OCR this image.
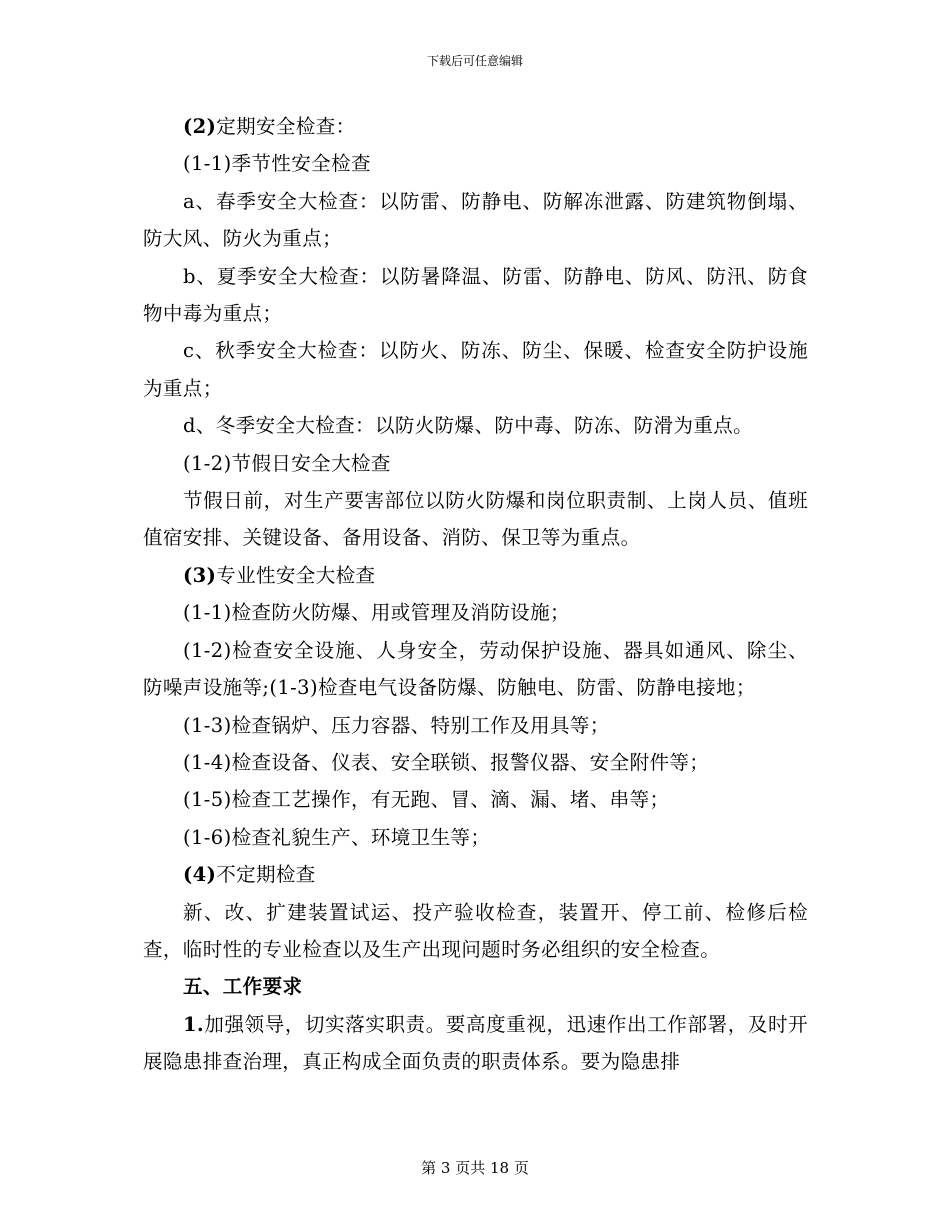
下载后可任意编辑

(2)定期安全检查：

(1-1)季节性安全检查

a、春季安全大检查：以防雷、防静电、防解冻泄露、防建筑物倒塌、防大风、防火为重点；

b、夏季安全大检查：以防暑降温、防雷、防静电、防风、防汛、防食物中毒为重点；

c、秋季安全大检查：以防火、防冻、防尘、保暖、检查安全防护设施为重点；

d、冬季安全大检查：以防火防爆、防中毒、防冻、防滑为重点。

(1-2)节假日安全大检查

节假日前，对生产要害部位以防火防爆和岗位职责制、上岗人员、值班值宿安排、关键设备、备用设备、消防、保卫等为重点。

(3)专业性安全大检查

(1-1)检查防火防爆、用或管理及消防设施；

(1-2)检查安全设施、人身安全，劳动保护设施、器具如通风、除尘、防噪声设施等;(1-3)检查电气设备防爆、防触电、防雷、防静电接地；

(1-3)检查锅炉、压力容器、特别工作及用具等；

(1-4)检查设备、仪表、安全联锁、报警仪器、安全附件等；

(1-5)检查工艺操作，有无跑、冒、滴、漏、堵、串等；

(1-6)检查礼貌生产、环境卫生等；

(4)不定期检查

新、改、扩建装置试运、投产验收检查，装置开、停工前、检修后检查，临时性的专业检查以及生产出现问题时务必组织的安全检查。

五、工作要求

1.加强领导，切实落实职责。要高度重视，迅速作出工作部署，及时开展隐患排查治理，真正构成全面负责的职责体系。要为隐患排

第 3 页共 18 页
